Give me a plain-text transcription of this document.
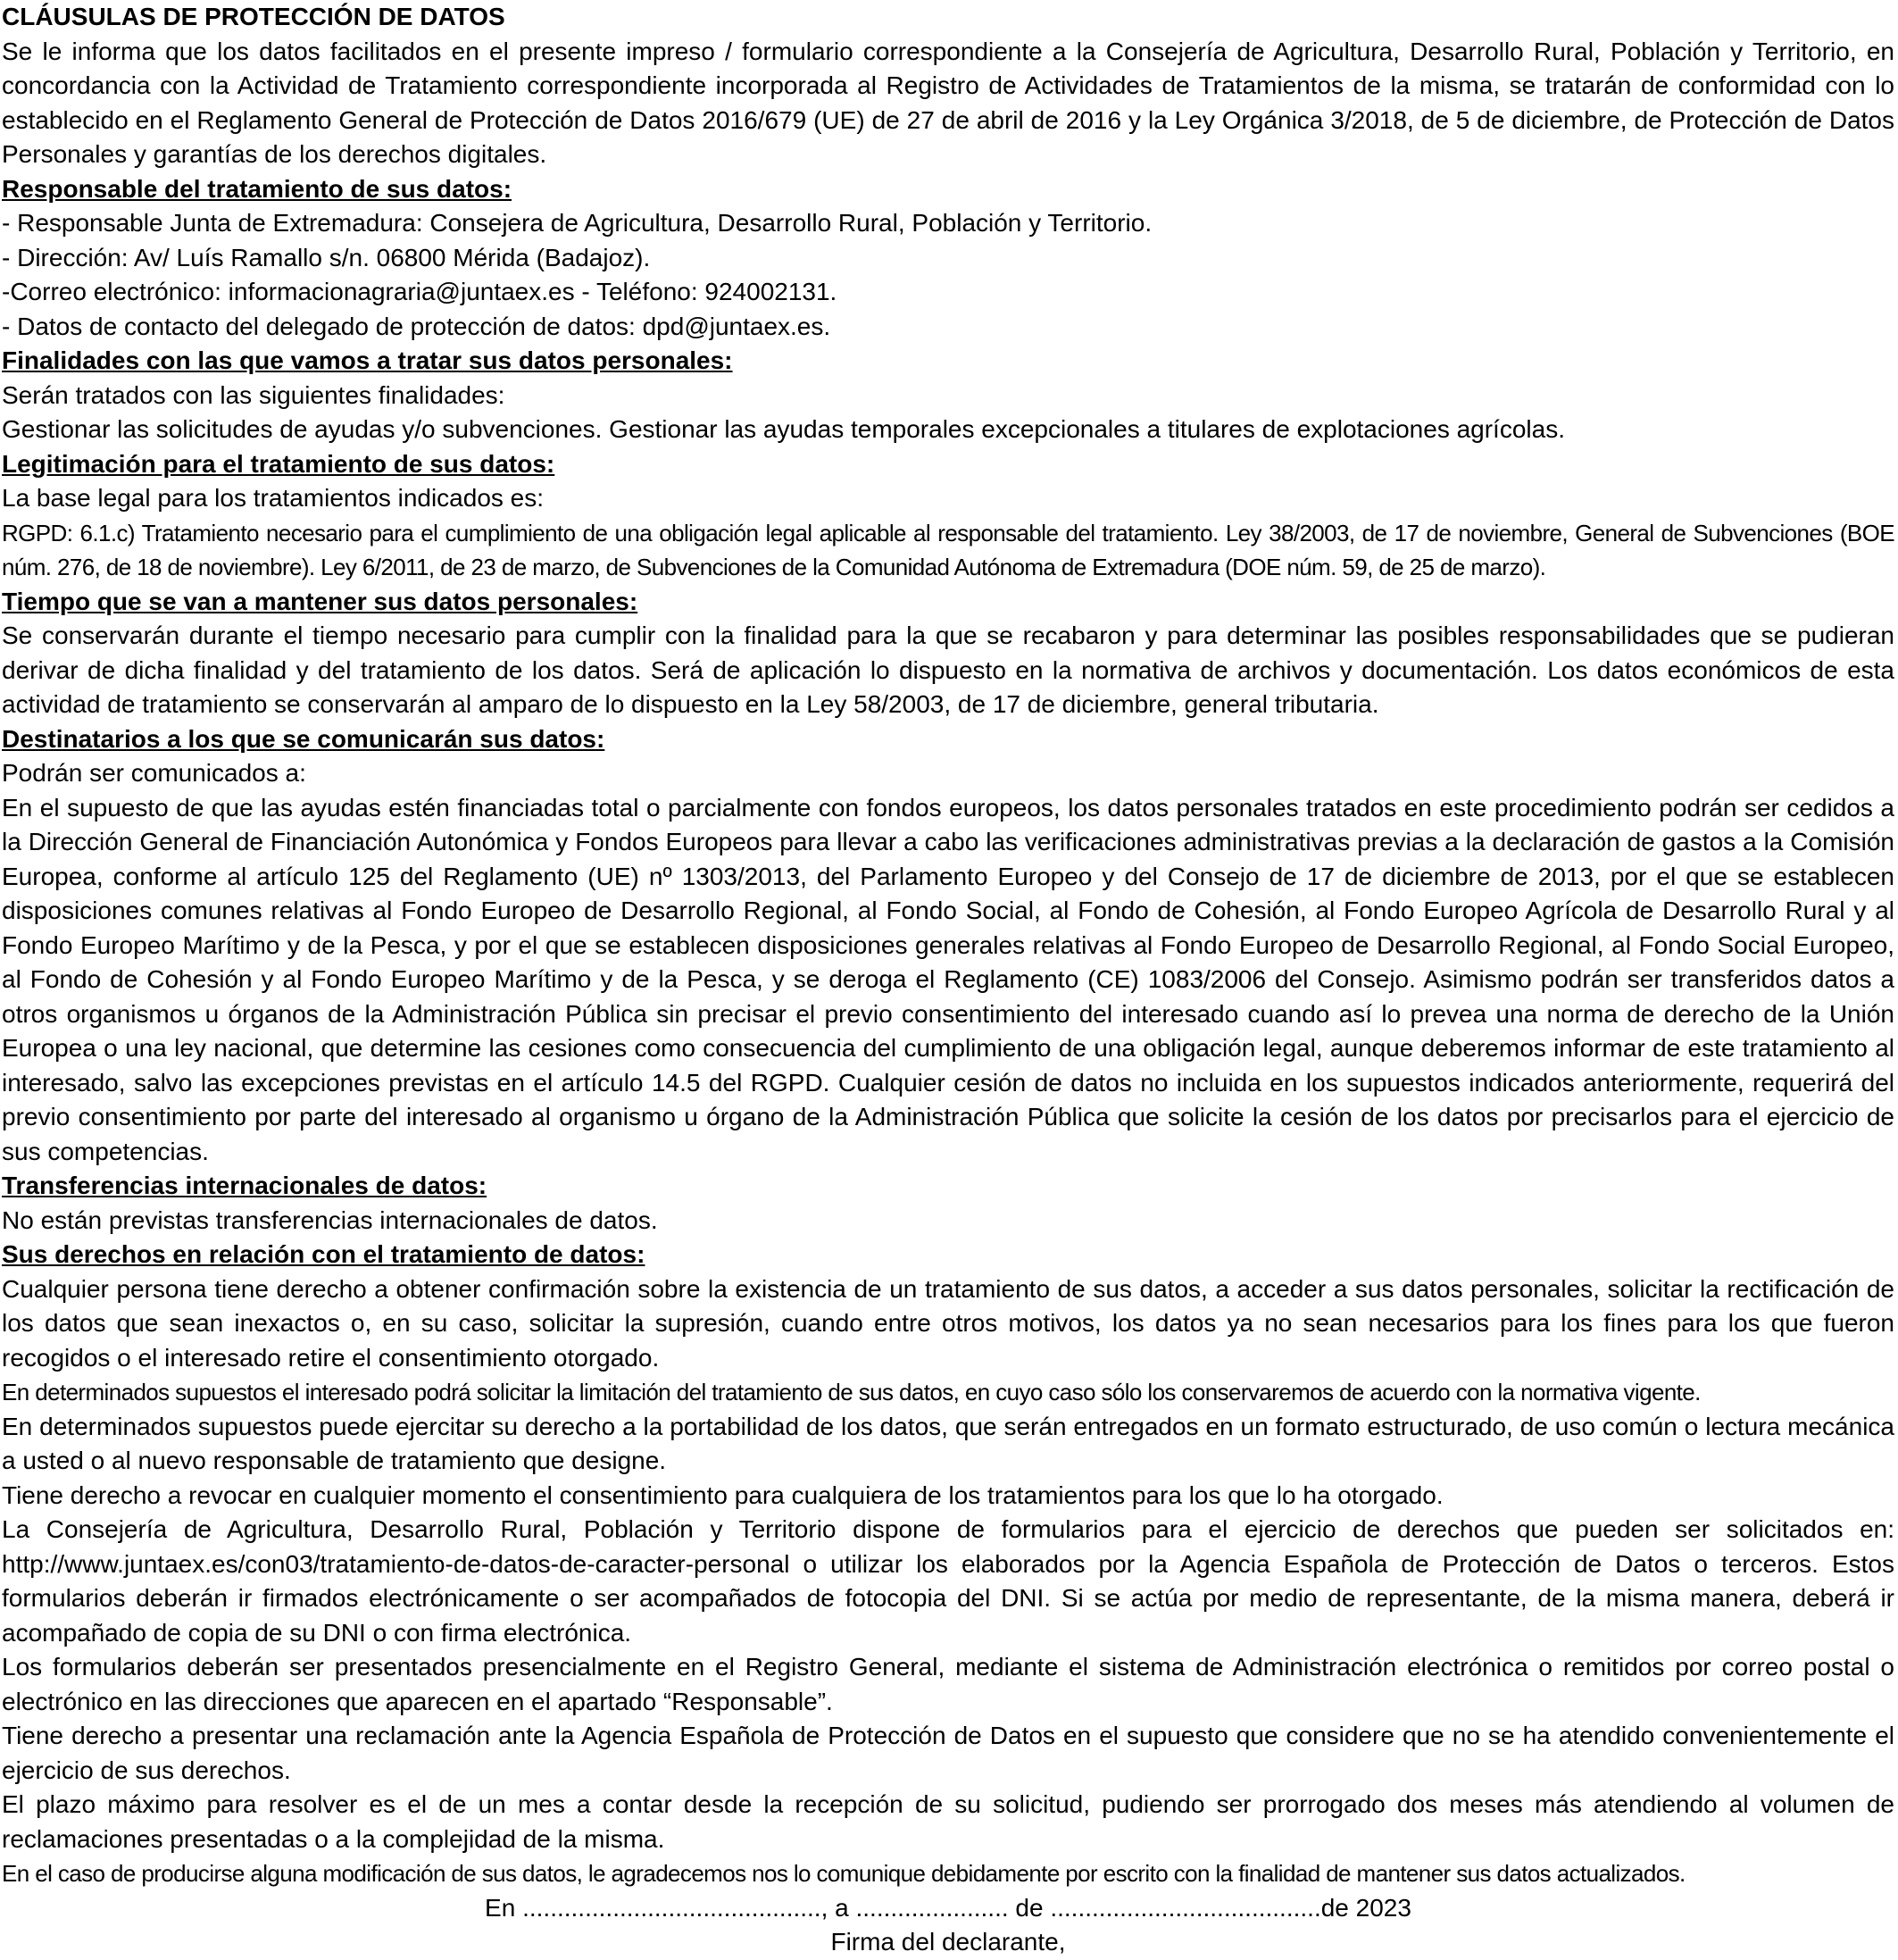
CLÁUSULAS DE PROTECCIÓN DE DATOS

Se le informa que los datos facilitados en el presente impreso / formulario correspondiente a la Consejería de Agricultura, Desarrollo Rural, Población y Territorio, en concordancia con la Actividad de Tratamiento correspondiente incorporada al Registro de Actividades de Tratamientos de la misma, se tratarán de conformidad con lo establecido en el Reglamento General de Protección de Datos 2016/679 (UE) de 27 de abril de 2016 y la Ley Orgánica 3/2018, de 5 de diciembre, de Protección de Datos Personales y garantías de los derechos digitales.

Responsable del tratamiento de sus datos:

- Responsable Junta de Extremadura: Consejera de Agricultura, Desarrollo Rural, Población y Territorio.

- Dirección: Av/ Luís Ramallo s/n. 06800 Mérida (Badajoz).

-Correo electrónico: informacionagraria@juntaex.es - Teléfono: 924002131.

- Datos de contacto del delegado de protección de datos: dpd@juntaex.es.

Finalidades con las que vamos a tratar sus datos personales:

Serán tratados con las siguientes finalidades:

Gestionar las solicitudes de ayudas y/o subvenciones. Gestionar las ayudas temporales excepcionales a titulares de explotaciones agrícolas.

Legitimación para el tratamiento de sus datos:

La base legal para los tratamientos indicados es:

RGPD: 6.1.c) Tratamiento necesario para el cumplimiento de una obligación legal aplicable al responsable del tratamiento. Ley 38/2003, de 17 de noviembre, General de Subvenciones (BOE núm. 276, de 18 de noviembre). Ley 6/2011, de 23 de marzo, de Subvenciones de la Comunidad Autónoma de Extremadura (DOE núm. 59, de 25 de marzo).

Tiempo que se van a mantener sus datos personales:

Se conservarán durante el tiempo necesario para cumplir con la finalidad para la que se recabaron y para determinar las posibles responsabilidades que se pudieran derivar de dicha finalidad y del tratamiento de los datos. Será de aplicación lo dispuesto en la normativa de archivos y documentación. Los datos económicos de esta actividad de tratamiento se conservarán al amparo de lo dispuesto en la Ley 58/2003, de 17 de diciembre, general tributaria.

Destinatarios a los que se comunicarán sus datos:

Podrán ser comunicados a:

En el supuesto de que las ayudas estén financiadas total o parcialmente con fondos europeos, los datos personales tratados en este procedimiento podrán ser cedidos a la Dirección General de Financiación Autonómica y Fondos Europeos para llevar a cabo las verificaciones administrativas previas a la declaración de gastos a la Comisión Europea, conforme al artículo 125 del Reglamento (UE) nº 1303/2013, del Parlamento Europeo y del Consejo de 17 de diciembre de 2013, por el que se establecen disposiciones comunes relativas al Fondo Europeo de Desarrollo Regional, al Fondo Social, al Fondo de Cohesión, al Fondo Europeo Agrícola de Desarrollo Rural y al Fondo Europeo Marítimo y de la Pesca, y por el que se establecen disposiciones generales relativas al Fondo Europeo de Desarrollo Regional, al Fondo Social Europeo, al Fondo de Cohesión y al Fondo Europeo Marítimo y de la Pesca, y se deroga el Reglamento (CE) 1083/2006 del Consejo. Asimismo podrán ser transferidos datos a otros organismos u órganos de la Administración Pública sin precisar el previo consentimiento del interesado cuando así lo prevea una norma de derecho de la Unión Europea o una ley nacional, que determine las cesiones como consecuencia del cumplimiento de una obligación legal, aunque deberemos informar de este tratamiento al interesado, salvo las excepciones previstas en el artículo 14.5 del RGPD. Cualquier cesión de datos no incluida en los supuestos indicados anteriormente, requerirá del previo consentimiento por parte del interesado al organismo u órgano de la Administración Pública que solicite la cesión de los datos por precisarlos para el ejercicio de sus competencias.

Transferencias internacionales de datos:

No están previstas transferencias internacionales de datos.

Sus derechos en relación con el tratamiento de datos:

Cualquier persona tiene derecho a obtener confirmación sobre la existencia de un tratamiento de sus datos, a acceder a sus datos personales, solicitar la rectificación de los datos que sean inexactos o, en su caso, solicitar la supresión, cuando entre otros motivos, los datos ya no sean necesarios para los fines para los que fueron recogidos o el interesado retire el consentimiento otorgado.

En determinados supuestos el interesado podrá solicitar la limitación del tratamiento de sus datos, en cuyo caso sólo los conservaremos de acuerdo con la normativa vigente.

En determinados supuestos puede ejercitar su derecho a la portabilidad de los datos, que serán entregados en un formato estructurado, de uso común o lectura mecánica a usted o al nuevo responsable de tratamiento que designe.

Tiene derecho a revocar en cualquier momento el consentimiento para cualquiera de los tratamientos para los que lo ha otorgado.

La Consejería de Agricultura, Desarrollo Rural, Población y Territorio dispone de formularios para el ejercicio de derechos que pueden ser solicitados en: http://www.juntaex.es/con03/tratamiento-de-datos-de-caracter-personal o utilizar los elaborados por la Agencia Española de Protección de Datos o terceros. Estos formularios deberán ir firmados electrónicamente o ser acompañados de fotocopia del DNI. Si se actúa por medio de representante, de la misma manera, deberá ir acompañado de copia de su DNI o con firma electrónica.

Los formularios deberán ser presentados presencialmente en el Registro General, mediante el sistema de Administración electrónica o remitidos por correo postal o electrónico en las direcciones que aparecen en el apartado “Responsable”.

Tiene derecho a presentar una reclamación ante la Agencia Española de Protección de Datos en el supuesto que considere que no se ha atendido convenientemente el ejercicio de sus derechos.

El plazo máximo para resolver es el de un mes a contar desde la recepción de su solicitud, pudiendo ser prorrogado dos meses más atendiendo al volumen de reclamaciones presentadas o a la complejidad de la misma.

En el caso de producirse alguna modificación de sus datos, le agradecemos nos lo comunique debidamente por escrito con la finalidad de mantener sus datos actualizados.

En ..........................................., a ...................... de .......................................de 2023

Firma del declarante,
